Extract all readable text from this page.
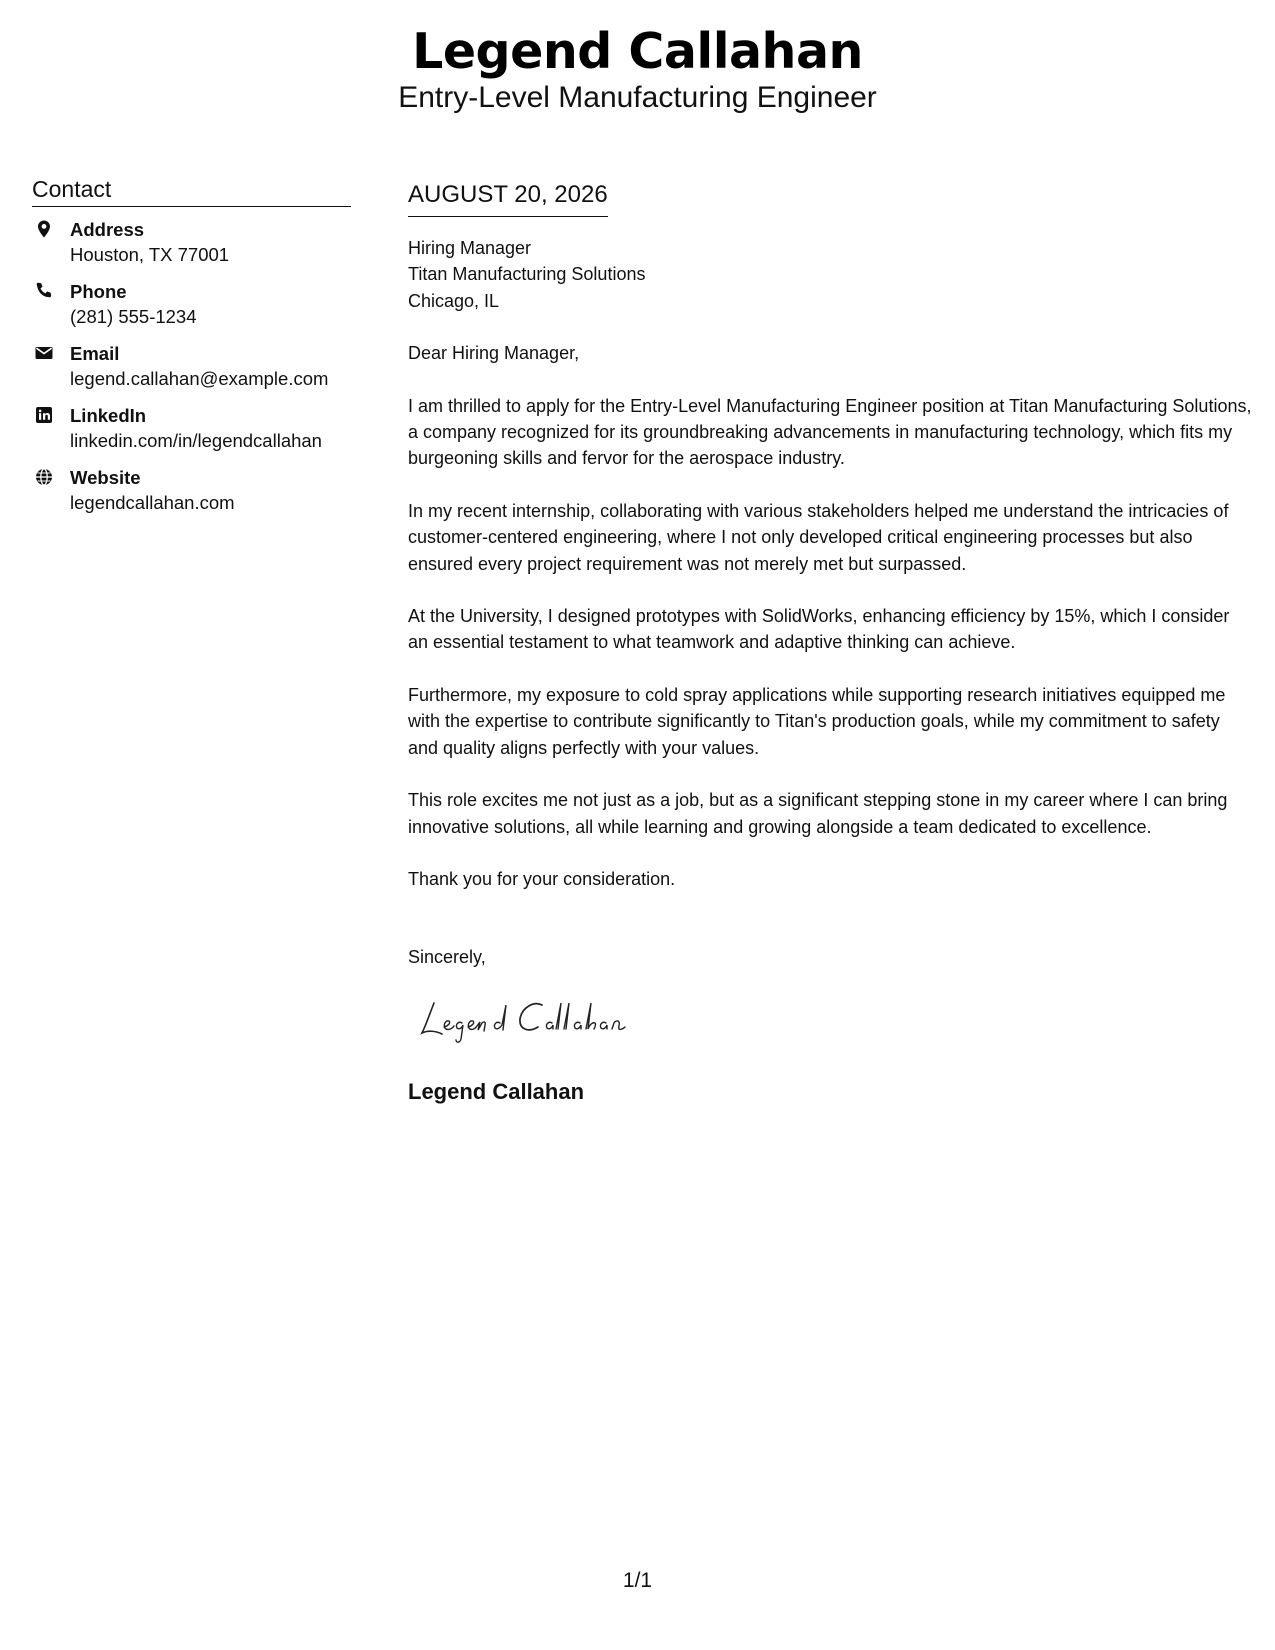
Legend Callahan
Entry-Level Manufacturing Engineer
Contact
Address
Houston, TX 77001
Phone
(281) 555-1234
Email
legend.callahan@example.com
LinkedIn
linkedin.com/in/legendcallahan
Website
legendcallahan.com
AUGUST 20, 2026
Hiring Manager
Titan Manufacturing Solutions
Chicago, IL

Dear Hiring Manager,

I am thrilled to apply for the Entry-Level Manufacturing Engineer position at Titan Manufacturing Solutions, a company recognized for its groundbreaking advancements in manufacturing technology, which fits my burgeoning skills and fervor for the aerospace industry.

In my recent internship, collaborating with various stakeholders helped me understand the intricacies of customer-centered engineering, where I not only developed critical engineering processes but also ensured every project requirement was not merely met but surpassed.

At the University, I designed prototypes with SolidWorks, enhancing efficiency by 15%, which I consider an essential testament to what teamwork and adaptive thinking can achieve.

Furthermore, my exposure to cold spray applications while supporting research initiatives equipped me with the expertise to contribute significantly to Titan's production goals, while my commitment to safety and quality aligns perfectly with your values.

This role excites me not just as a job, but as a significant stepping stone in my career where I can bring innovative solutions, all while learning and growing alongside a team dedicated to excellence.

Thank you for your consideration.

Sincerely,
Legend Callahan
1/1
